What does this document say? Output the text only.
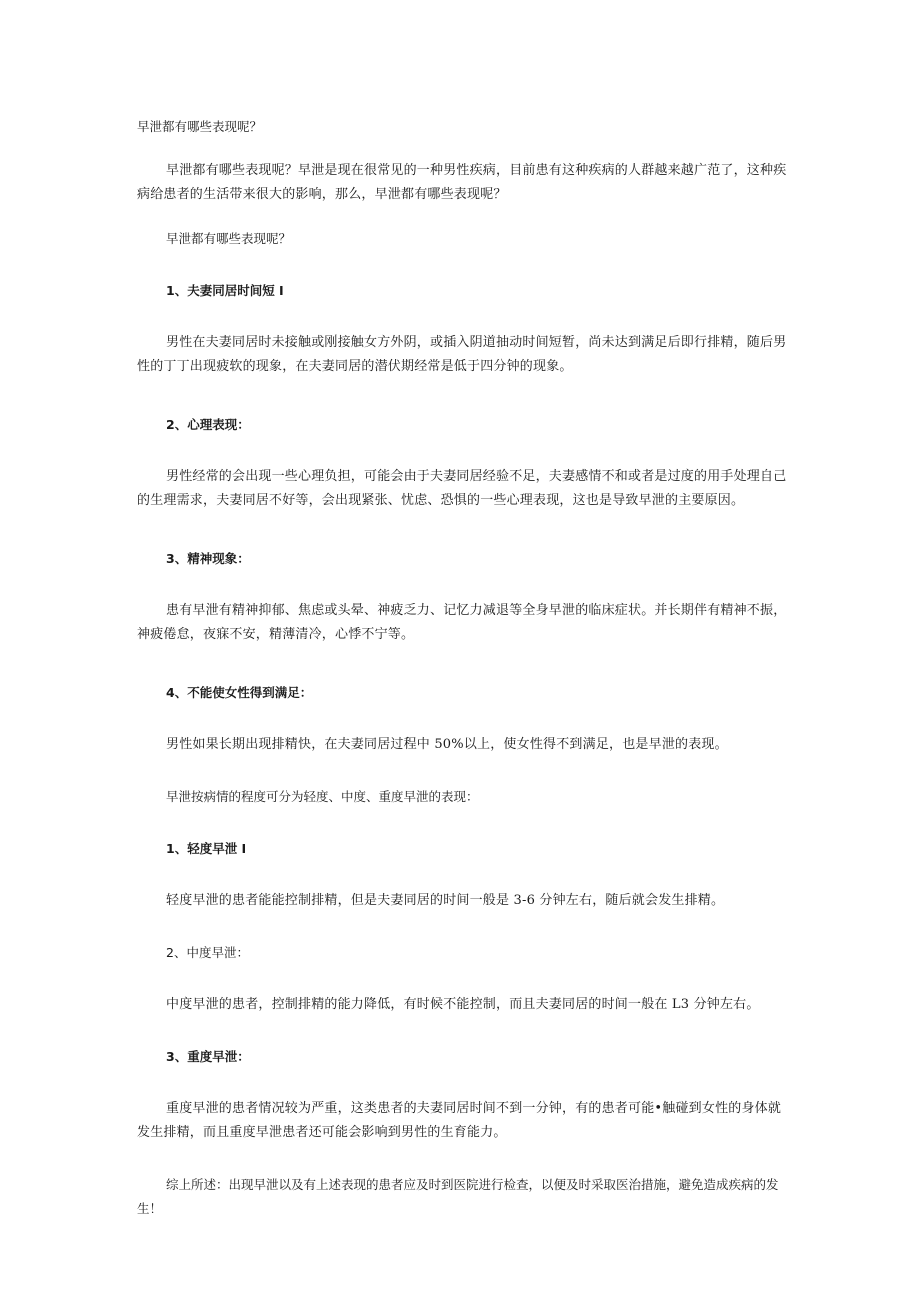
早泄都有哪些表现呢？

早泄都有哪些表现呢？早泄是现在很常见的一种男性疾病，目前患有这种疾病的人群越来越广范了，这种疾病给患者的生活带来很大的影响，那么，早泄都有哪些表现呢？

早泄都有哪些表现呢？

1、夫妻同居时间短 I

男性在夫妻同居时未接触或刚接触女方外阴，或插入阴道抽动时间短暂，尚未达到满足后即行排精，随后男性的丁丁出现疲软的现象，在夫妻同居的潜伏期经常是低于四分钟的现象。

2、心理表现：

男性经常的会出现一些心理负担，可能会由于夫妻同居经验不足，夫妻感情不和或者是过度的用手处理自己的生理需求，夫妻同居不好等，会出现紧张、忧虑、恐惧的一些心理表现，这也是导致早泄的主要原因。

3、精神现象：

患有早泄有精神抑郁、焦虑或头晕、神疲乏力、记忆力减退等全身早泄的临床症状。并长期伴有精神不振，神疲倦怠，夜寐不安，精薄清冷，心悸不宁等。

4、不能使女性得到满足：

男性如果长期出现排精快，在夫妻同居过程中 50%以上，使女性得不到满足，也是早泄的表现。

早泄按病情的程度可分为轻度、中度、重度早泄的表现：

1、轻度早泄 I

轻度早泄的患者能能控制排精，但是夫妻同居的时间一般是 3-6 分钟左右，随后就会发生排精。

2、中度早泄：

中度早泄的患者，控制排精的能力降低，有时候不能控制，而且夫妻同居的时间一般在 L3 分钟左右。

3、重度早泄：

重度早泄的患者情况较为严重，这类患者的夫妻同居时间不到一分钟，有的患者可能•触碰到女性的身体就发生排精，而且重度早泄患者还可能会影响到男性的生育能力。

综上所述：出现早泄以及有上述表现的患者应及时到医院进行检查，以便及时采取医治措施，避免造成疾病的发生！
